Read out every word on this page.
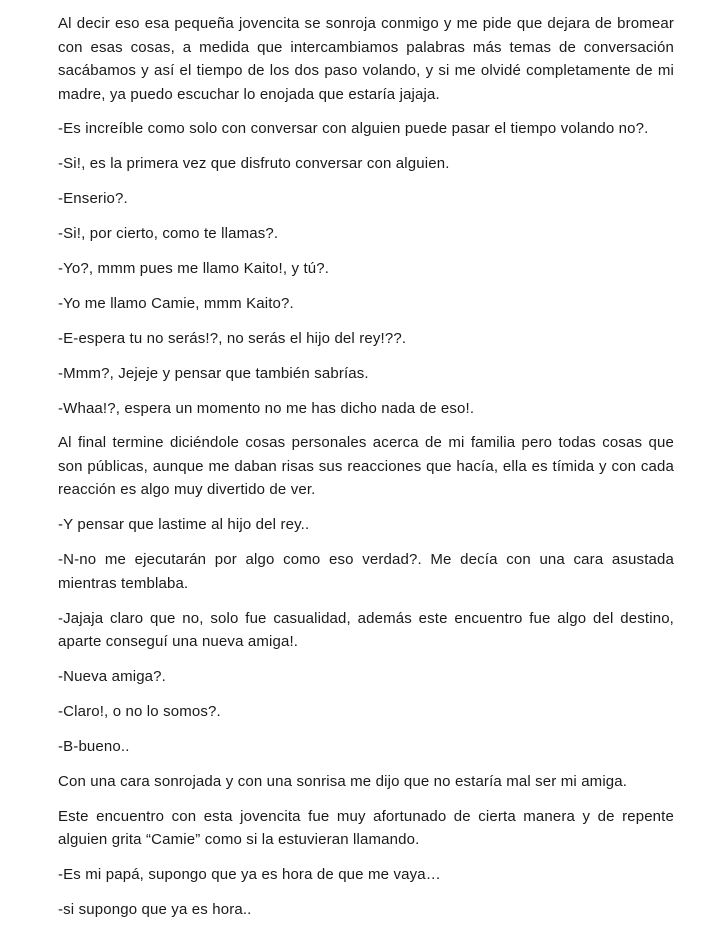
Al decir eso esa pequeña jovencita se sonroja conmigo y me pide que dejara de bromear con esas cosas, a medida que intercambiamos palabras más temas de conversación sacábamos y así el tiempo de los dos paso volando, y si me olvidé completamente de mi madre, ya puedo escuchar lo enojada que estaría jajaja.

-Es increíble como solo con conversar con alguien puede pasar el tiempo volando no?.

-Si!, es la primera vez que disfruto conversar con alguien.

-Enserio?.

-Si!, por cierto, como te llamas?.

-Yo?, mmm pues me llamo Kaito!, y tú?.

-Yo me llamo Camie, mmm Kaito?.

-E-espera tu no serás!?, no serás el hijo del rey!??.

-Mmm?, Jejeje y pensar que también sabrías.

-Whaa!?, espera un momento no me has dicho nada de eso!.

Al final termine diciéndole cosas personales acerca de mi familia pero todas cosas que son públicas, aunque me daban risas sus reacciones que hacía, ella es tímida y con cada reacción es algo muy divertido de ver.

-Y pensar que lastime al hijo del rey..

-N-no me ejecutarán por algo como eso verdad?. Me decía con una cara asustada mientras temblaba.

-Jajaja claro que no, solo fue casualidad, además este encuentro fue algo del destino, aparte conseguí una nueva amiga!.

-Nueva amiga?.

-Claro!, o no lo somos?.

-B-bueno..

Con una cara sonrojada y con una sonrisa me dijo que no estaría mal ser mi amiga.

Este encuentro con esta jovencita fue muy afortunado de cierta manera y de repente alguien grita “Camie” como si la estuvieran llamando.

-Es mi papá, supongo que ya es hora de que me vaya…

-si supongo que ya es hora..
